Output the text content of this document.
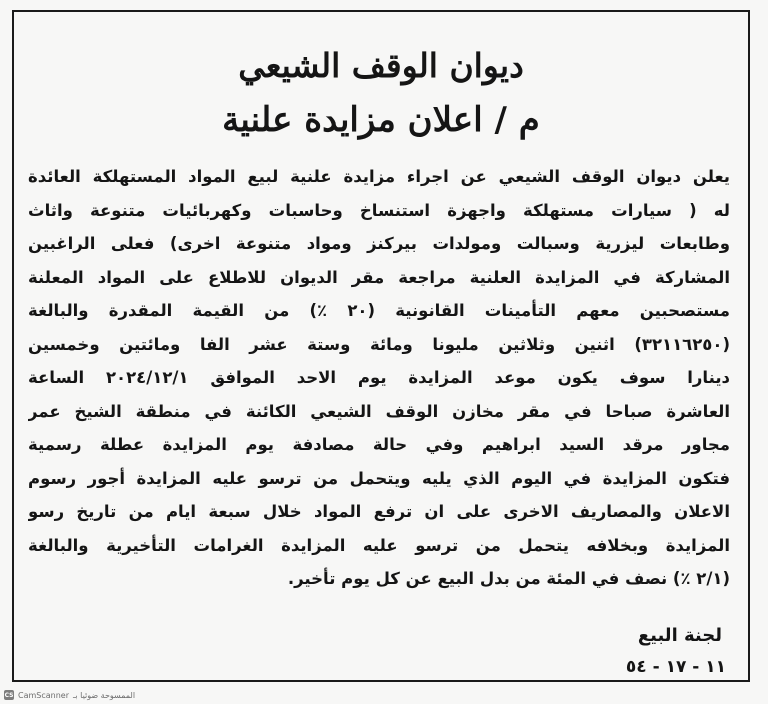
ديوان الوقف الشيعي
م / اعلان مزايدة علنية
يعلن ديوان الوقف الشيعي عن اجراء مزايدة علنية لبيع المواد المستهلكة العائدة
له ( سيارات مستهلكة واجهزة استنساخ وحاسبات وكهربائيات متنوعة واثاث
وطابعات ليزرية وسبالت ومولدات بيركنز ومواد متنوعة اخرى) فعلى الراغبين
المشاركة في المزايدة العلنية مراجعة مقر الديوان للاطلاع على المواد المعلنة
مستصحبين معهم التأمينات القانونية (٢٠ ٪) من القيمة المقدرة والبالغة
(٣٢١١٦٢٥٠) اثنين وثلاثين مليونا ومائة وستة عشر الفا ومائتين وخمسين
دينارا سوف يكون موعد المزايدة يوم الاحد الموافق ٢٠٢٤/١٢/١ الساعة
العاشرة صباحا في مقر مخازن الوقف الشيعي الكائنة في منطقة الشيخ عمر
مجاور مرقد السيد ابراهيم وفي حالة مصادفة يوم المزايدة عطلة رسمية
فتكون المزايدة في اليوم الذي يليه ويتحمل من ترسو عليه المزايدة أجور رسوم
الاعلان والمصاريف الاخرى على ان ترفع المواد خلال سبعة ايام من تاريخ رسو
المزايدة وبخلافه يتحمل من ترسو عليه المزايدة الغرامات التأخيرية والبالغة
(٢/١ ٪) نصف في المئة من بدل البيع عن كل يوم تأخير.
لجنة البيع
١١ - ١٧ - ٥٤
CS CamScanner الممسوحة ضوئيا بـ
